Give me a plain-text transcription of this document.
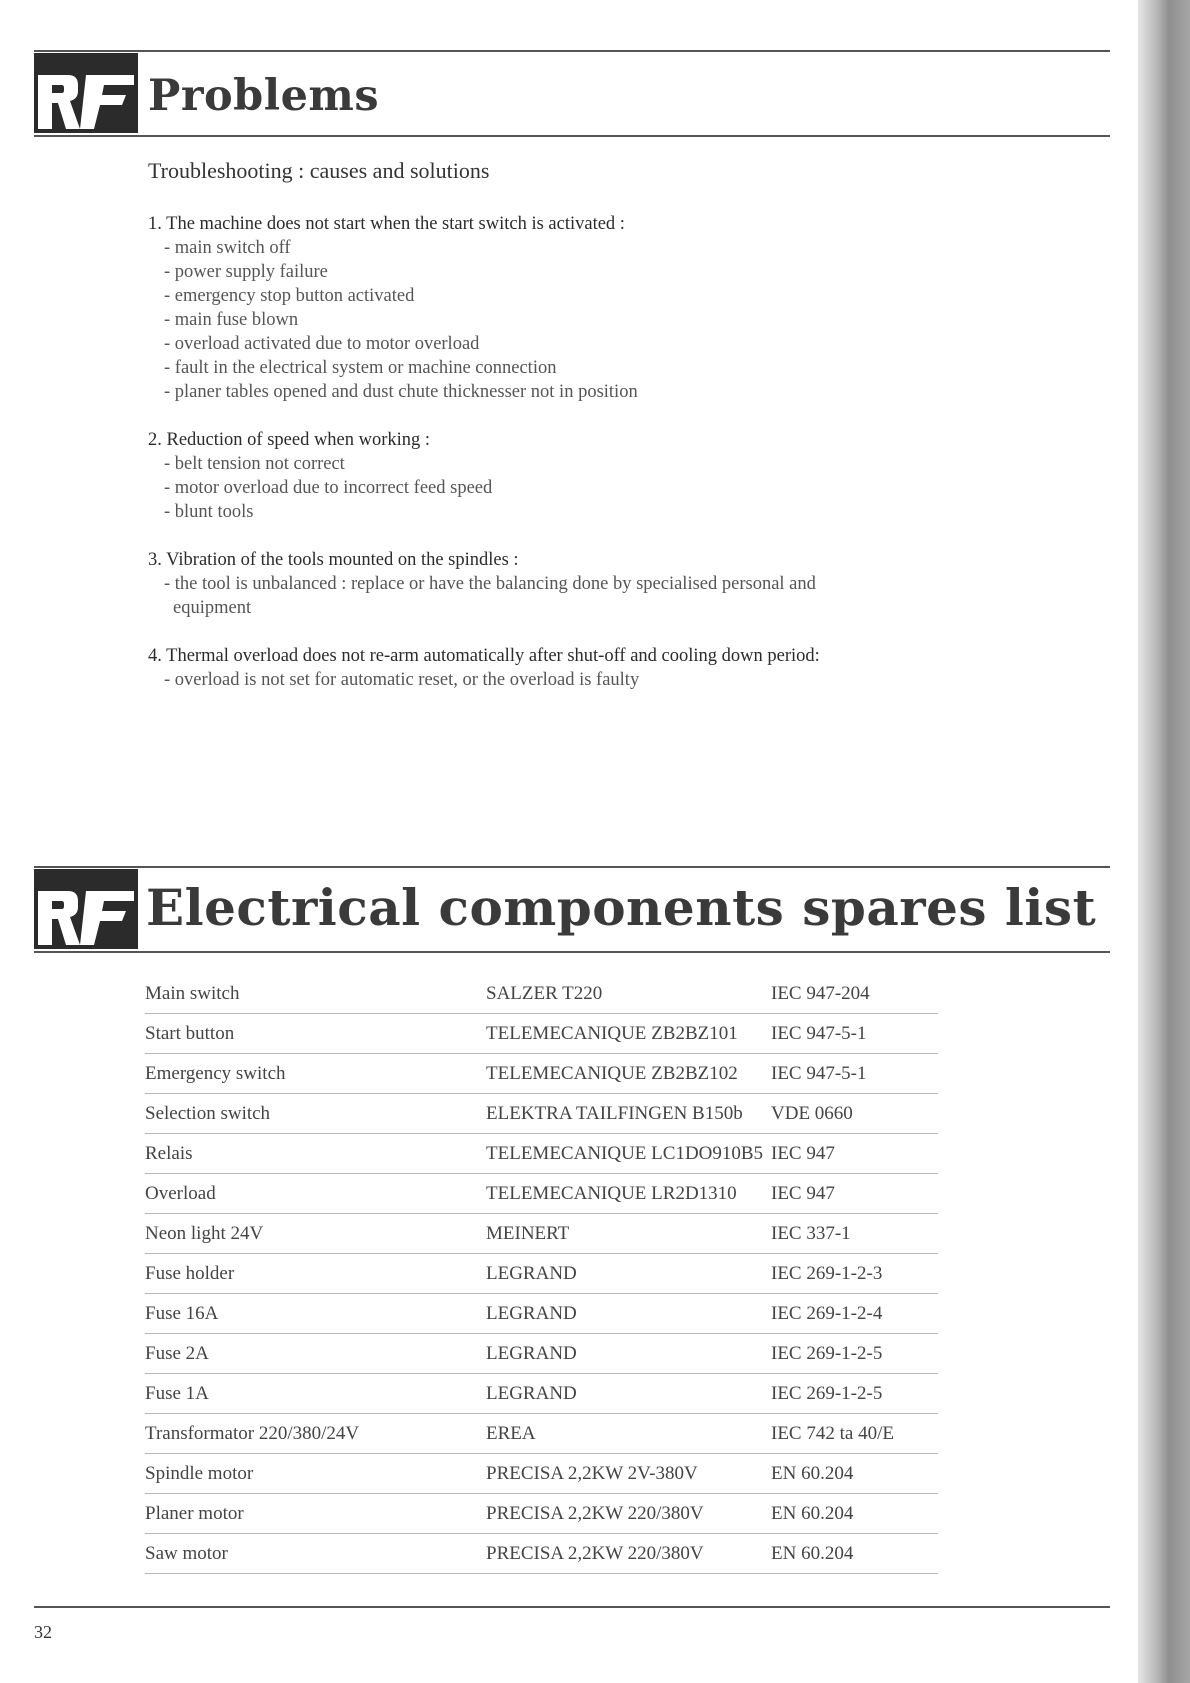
Problems
Troubleshooting : causes and solutions
1. The machine does not start when the start switch is activated :
- main switch off
- power supply failure
- emergency stop button activated
- main fuse blown
- overload activated due to motor overload
- fault in the electrical system or machine connection
- planer tables opened and dust chute thicknesser not in position
2. Reduction of speed when working :
- belt tension not correct
- motor overload due to incorrect feed speed
- blunt tools
3. Vibration of the tools mounted on the spindles :
- the tool is unbalanced : replace or have the balancing done by specialised personal and equipment
4. Thermal overload does not re-arm automatically after shut-off and cooling down period:
- overload is not set for automatic reset, or the overload is faulty
Electrical components spares list
Main switch	SALZER T220	IEC 947-204
Start button	TELEMECANIQUE ZB2BZ101	IEC 947-5-1
Emergency switch	TELEMECANIQUE ZB2BZ102	IEC 947-5-1
Selection switch	ELEKTRA TAILFINGEN B150b	VDE 0660
Relais	TELEMECANIQUE LC1DO910B5	IEC 947
Overload	TELEMECANIQUE LR2D1310	IEC 947
Neon light 24V	MEINERT	IEC 337-1
Fuse holder	LEGRAND	IEC 269-1-2-3
Fuse 16A	LEGRAND	IEC 269-1-2-4
Fuse 2A	LEGRAND	IEC 269-1-2-5
Fuse 1A	LEGRAND	IEC 269-1-2-5
Transformator 220/380/24V	EREA	IEC 742 ta 40/E
Spindle motor	PRECISA 2,2KW 2V-380V	EN 60.204
Planer motor	PRECISA 2,2KW 220/380V	EN 60.204
Saw motor	PRECISA 2,2KW 220/380V	EN 60.204
32
